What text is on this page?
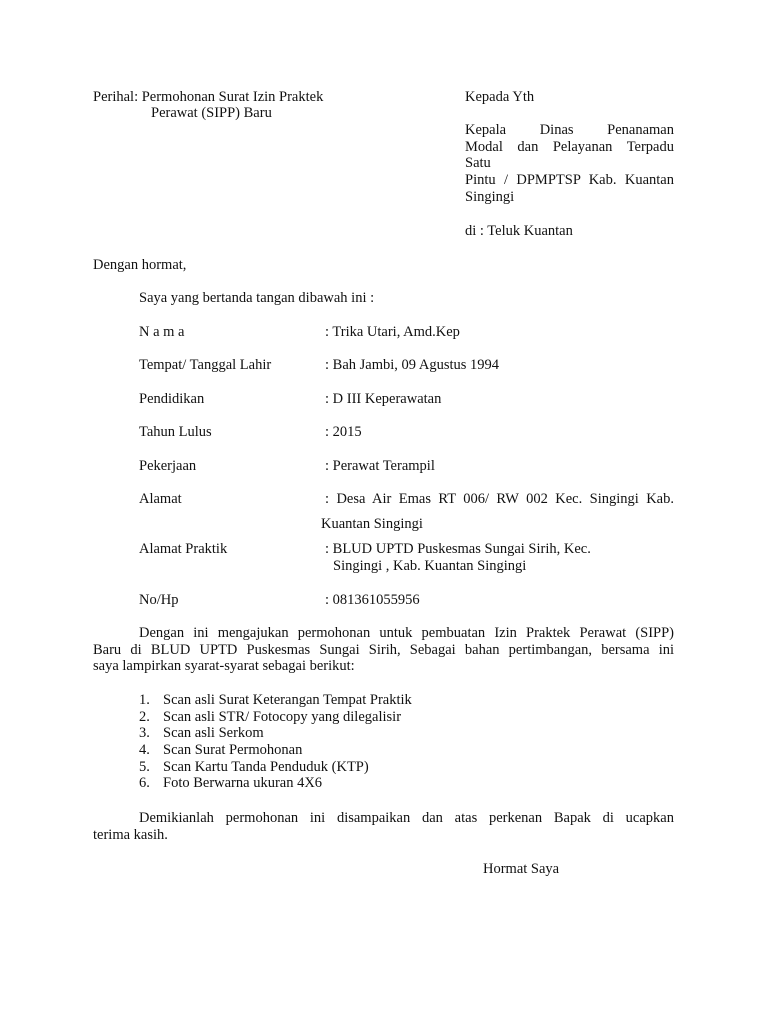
Perihal: Permohonan Surat Izin Praktek
Perawat (SIPP) Baru
Kepada Yth
Kepala Dinas Penanaman
Modal dan Pelayanan Terpadu
Satu
Pintu / DPMPTSP Kab. Kuantan
Singingi
di : Teluk Kuantan
Dengan hormat,
Saya yang bertanda tangan dibawah ini :
N a m a	: Trika Utari, Amd.Kep
Tempat/ Tanggal Lahir	: Bah Jambi, 09 Agustus 1994
Pendidikan	: D III Keperawatan
Tahun Lulus	: 2015
Pekerjaan	: Perawat Terampil
Alamat	: Desa Air Emas RT 006/ RW 002 Kec. Singingi Kab.
Kuantan Singingi
Alamat Praktik	: BLUD UPTD Puskesmas Sungai Sirih, Kec.
Singingi , Kab. Kuantan Singingi
No/Hp	: 081361055956
Dengan ini mengajukan permohonan untuk pembuatan Izin Praktek Perawat (SIPP)
Baru di BLUD UPTD Puskesmas Sungai Sirih, Sebagai bahan pertimbangan, bersama ini
saya lampirkan syarat-syarat sebagai berikut:
1. Scan asli Surat Keterangan Tempat Praktik
2. Scan asli STR/ Fotocopy yang dilegalisir
3. Scan asli Serkom
4. Scan Surat Permohonan
5. Scan Kartu Tanda Penduduk (KTP)
6. Foto Berwarna ukuran 4X6
Demikianlah permohonan ini disampaikan dan atas perkenan Bapak di ucapkan
terima kasih.
Hormat Saya
